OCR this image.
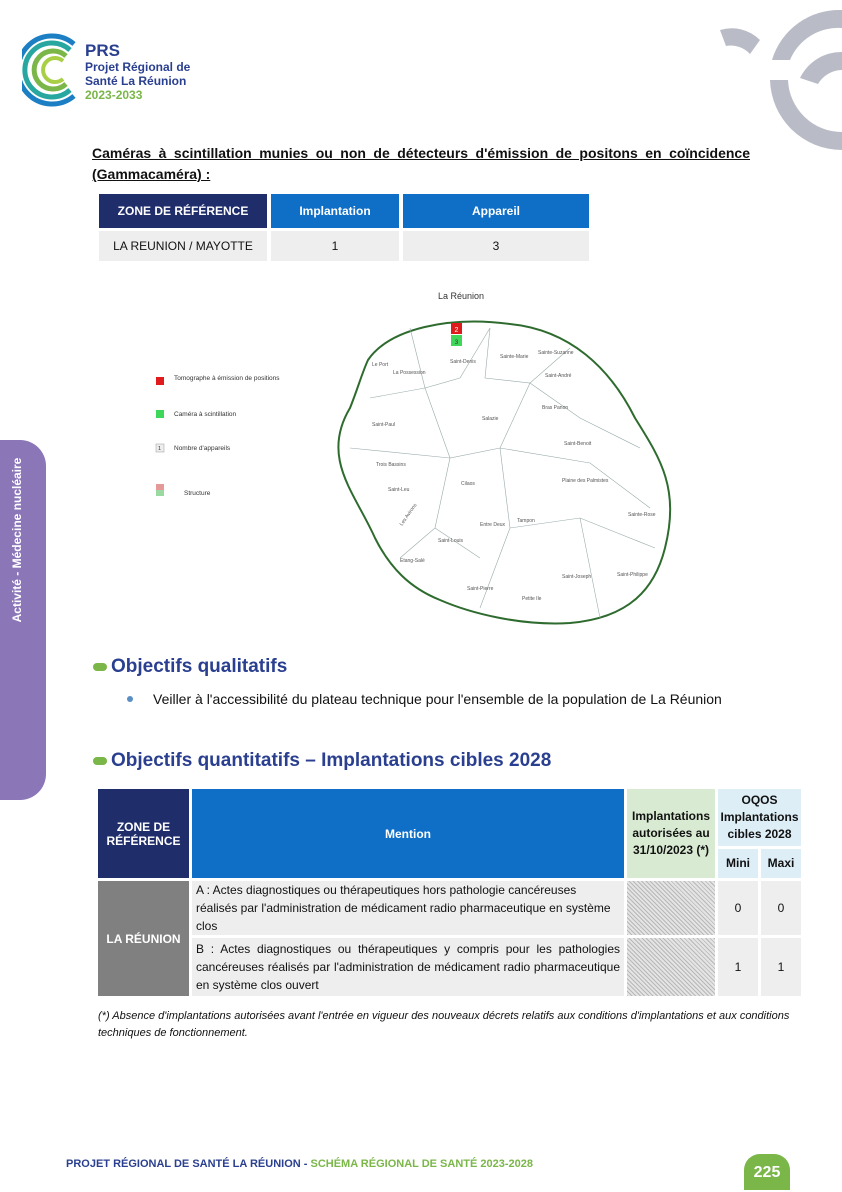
PRS
Projet Régional de
Santé La Réunion
2023-2033
Activité - Médecine nucléaire
Caméras à scintillation munies ou non de détecteurs d'émission de positons en coïncidence (Gammacaméra) :
ZONE DE RÉFÉRENCE	Implantation	Appareil
LA REUNION / MAYOTTE	1	3
La Réunion
Tomographe à émission de positions
Caméra à scintillation
1 Nombre d'appareils
Structure
2
3
Le Port
La Possession
Saint-Denis
Sainte-Marie
Sainte-Suzanne
Saint-André
Bras Panon
Salazie
Saint-Paul
Saint-Benoit
Trois Bassins
Saint-Leu
Cilaos	Plaine des Palmistes
Les Avirons	Entre Deux
Tampon
Sainte-Rose
Saint-Louis
Etang-Salé
Saint-Joseph	Saint-Philippe
Saint-Pierre
Petite Ile
Objectifs qualitatifs
Veiller à l'accessibilité du plateau technique pour l'ensemble de la population de La Réunion
Objectifs quantitatifs – Implantations cibles 2028
ZONE DE RÉFÉRENCE	Mention	Implantations autorisées au 31/10/2023 (*)	OQOS Implantations cibles 2028	
			Mini	Maxi
LA RÉUNION	A : Actes diagnostiques ou thérapeutiques hors pathologie cancéreuses réalisés par l'administration de médicament radio pharmaceutique en système clos		0	0
	B : Actes diagnostiques ou thérapeutiques y compris pour les pathologies cancéreuses réalisés par l'administration de médicament radio pharmaceutique en système clos ouvert		1	1
(*) Absence d'implantations autorisées avant l'entrée en vigueur des nouveaux décrets relatifs aux conditions d'implantations et aux conditions techniques de fonctionnement.
PROJET RÉGIONAL DE SANTÉ LA RÉUNION - SCHÉMA RÉGIONAL DE SANTÉ 2023-2028	225
